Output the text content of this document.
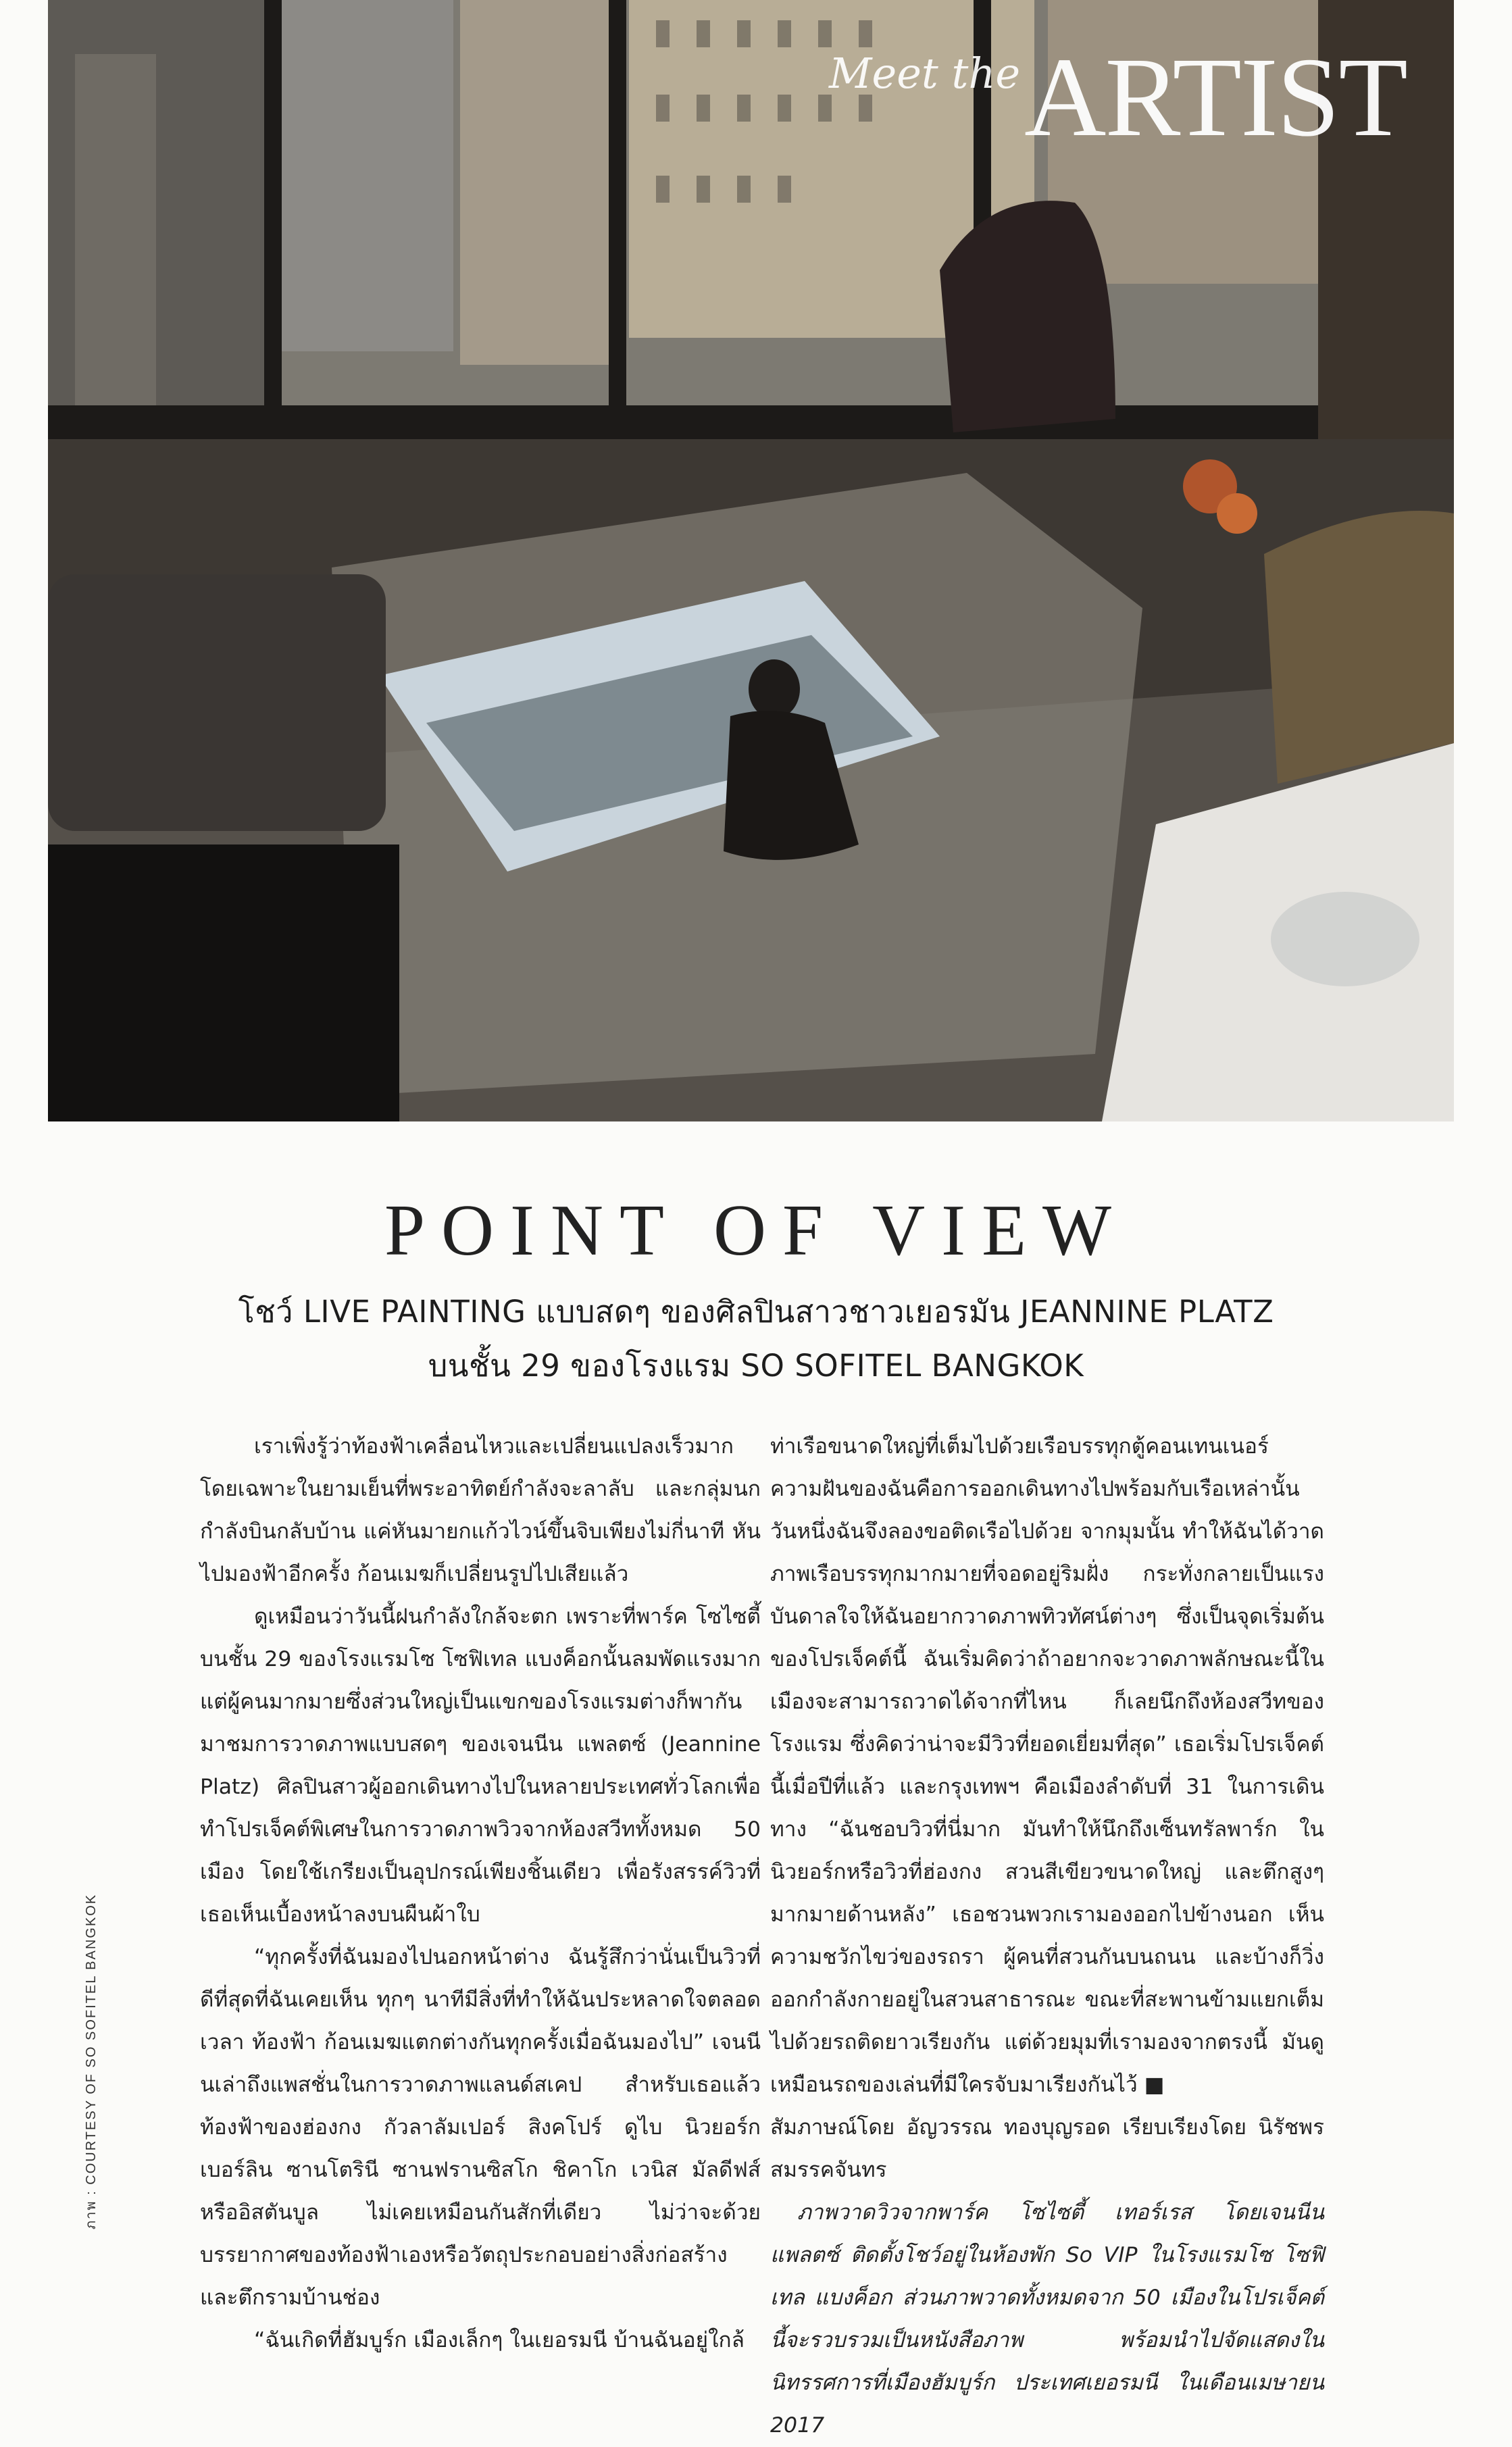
Meet theARTIST
POINT OF VIEW
โชว์ LIVE PAINTING แบบสดๆ ของศิลปินสาวชาวเยอรมัน JEANNINE PLATZ
บนชั้น 29 ของโรงแรม SO SOFITEL BANGKOK

เราเพิ่งรู้ว่าท้องฟ้าเคลื่อนไหวและเปลี่ยนแปลงเร็วมาก โดยเฉพาะในยามเย็นที่พระอาทิตย์กำลังจะลาลับ และกลุ่มนกกำลังบินกลับบ้าน แค่หันมายกแก้วไวน์ขึ้นจิบเพียงไม่กี่นาที หันไปมองฟ้าอีกครั้ง ก้อนเมฆก็เปลี่ยนรูปไปเสียแล้ว

ดูเหมือนว่าวันนี้ฝนกำลังใกล้จะตก เพราะที่พาร์ค โซไซตี้ บนชั้น 29 ของโรงแรมโซ โซฟิเทล แบงค็อกนั้นลมพัดแรงมาก แต่ผู้คนมากมายซึ่งส่วนใหญ่เป็นแขกของโรงแรมต่างก็พากันมาชมการวาดภาพแบบสดๆ ของเจนนีน แพลตซ์ (Jeannine Platz) ศิลปินสาวผู้ออกเดินทางไปในหลายประเทศทั่วโลกเพื่อทำโปรเจ็คต์พิเศษในการวาดภาพวิวจากห้องสวีททั้งหมด 50 เมือง โดยใช้เกรียงเป็นอุปกรณ์เพียงชิ้นเดียว เพื่อรังสรรค์วิวที่เธอเห็นเบื้องหน้าลงบนผืนผ้าใบ

“ทุกครั้งที่ฉันมองไปนอกหน้าต่าง ฉันรู้สึกว่านั่นเป็นวิวที่ดีที่สุดที่ฉันเคยเห็น ทุกๆ นาทีมีสิ่งที่ทำให้ฉันประหลาดใจตลอดเวลา ท้องฟ้า ก้อนเมฆแตกต่างกันทุกครั้งเมื่อฉันมองไป” เจนนีนเล่าถึงแพสชั่นในการวาดภาพแลนด์สเคป สำหรับเธอแล้ว ท้องฟ้าของฮ่องกง กัวลาลัมเปอร์ สิงคโปร์ ดูไบ นิวยอร์ก เบอร์ลิน ซานโตรินี ซานฟรานซิสโก ชิคาโก เวนิส มัลดีฟส์ หรืออิสตันบูล ไม่เคยเหมือนกันสักที่เดียว ไม่ว่าจะด้วยบรรยากาศของท้องฟ้าเองหรือวัตถุประกอบอย่างสิ่งก่อสร้างและตึกรามบ้านช่อง

“ฉันเกิดที่ฮัมบูร์ก เมืองเล็กๆ ในเยอรมนี บ้านฉันอยู่ใกล้

ท่าเรือขนาดใหญ่ที่เต็มไปด้วยเรือบรรทุกตู้คอนเทนเนอร์ ความฝันของฉันคือการออกเดินทางไปพร้อมกับเรือเหล่านั้น วันหนึ่งฉันจึงลองขอติดเรือไปด้วย จากมุมนั้น ทำให้ฉันได้วาดภาพเรือบรรทุกมากมายที่จอดอยู่ริมฝั่ง กระทั่งกลายเป็นแรงบันดาลใจให้ฉันอยากวาดภาพทิวทัศน์ต่างๆ ซึ่งเป็นจุดเริ่มต้นของโปรเจ็คต์นี้ ฉันเริ่มคิดว่าถ้าอยากจะวาดภาพลักษณะนี้ในเมืองจะสามารถวาดได้จากที่ไหน ก็เลยนึกถึงห้องสวีทของโรงแรม ซึ่งคิดว่าน่าจะมีวิวที่ยอดเยี่ยมที่สุด” เธอเริ่มโปรเจ็คต์นี้เมื่อปีที่แล้ว และกรุงเทพฯ คือเมืองลำดับที่ 31 ในการเดินทาง “ฉันชอบวิวที่นี่มาก มันทำให้นึกถึงเซ็นทรัลพาร์ก ในนิวยอร์กหรือวิวที่ฮ่องกง สวนสีเขียวขนาดใหญ่ และตึกสูงๆ มากมายด้านหลัง” เธอชวนพวกเรามองออกไปข้างนอก เห็นความชวักไขว่ของรถรา ผู้คนที่สวนกันบนถนน และบ้างก็วิ่งออกกำลังกายอยู่ในสวนสาธารณะ ขณะที่สะพานข้ามแยกเต็มไปด้วยรถติดยาวเรียงกัน แต่ด้วยมุมที่เรามองจากตรงนี้ มันดูเหมือนรถของเล่นที่มีใครจับมาเรียงกันไว้ ■

สัมภาษณ์โดย อัญวรรณ ทองบุญรอด เรียบเรียงโดย นิรัชพร สมรรคจันทร

ภาพวาดวิวจากพาร์ค โซไซตี้ เทอร์เรส โดยเจนนีน แพลตซ์ ติดตั้งโชว์อยู่ในห้องพัก So VIP ในโรงแรมโซ โซฟิเทล แบงค็อก ส่วนภาพวาดทั้งหมดจาก 50 เมืองในโปรเจ็คต์นี้จะรวบรวมเป็นหนังสือภาพ พร้อมนำไปจัดแสดงในนิทรรศการที่เมืองฮัมบูร์ก ประเทศเยอรมนี ในเดือนเมษายน 2017

ภาพ : COURTESY OF SO SOFITEL BANGKOK
